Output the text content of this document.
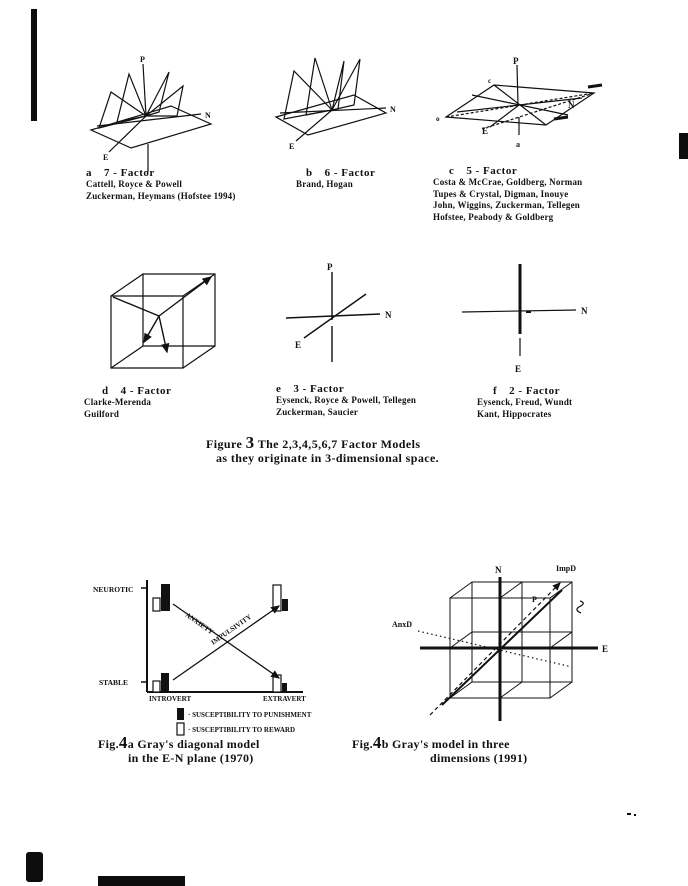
P
N
E
N
E
P
N
E
c
o
a
P
N
E
N
E
a 7 - Factor
Cattell, Royce & Powell
Zuckerman, Heymans (Hofstee 1994)
b 6 - Factor
Brand, Hogan
c 5 - Factor
Costa & McCrae, Goldberg, Norman
Tupes & Crystal, Digman, Inouye
John, Wiggins, Zuckerman, Tellegen
Hofstee, Peabody & Goldberg
d 4 - Factor
Clarke-Merenda
Guilford
e 3 - Factor
Eysenck, Royce & Powell, Tellegen
Zuckerman, Saucier
f 2 - Factor
Eysenck, Freud, Wundt
Kant, Hippocrates
Figure 3 The 2,3,4,5,6,7 Factor Models
as they originate in 3-dimensional space.
NEUROTIC
STABLE
INTROVERT	EXTRAVERT
ANXIETY
IMPULSIVITY
· SUSCEPTIBILITY TO PUNISHMENT
· SUSCEPTIBILITY TO REWARD
Fig.4a Gray's diagonal model
in the E-N plane (1970)
N
E
ImpD
AnxD
P
Fig.4b Gray's model in three
dimensions (1991)
